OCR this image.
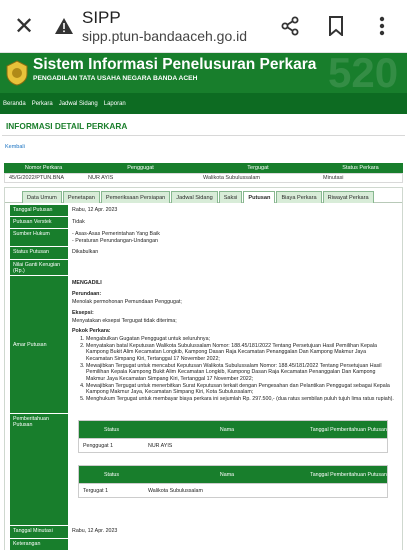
✕	SIPP
sipp.ptun-bandaaceh.go.id
Sistem Informasi Penelusuran Perkara
PENGADILAN TATA USAHA NEGARA BANDA ACEH	520
Beranda Perkara Jadwal Sidang Laporan
INFORMASI DETAIL PERKARA
Kembali
Nomor Perkara	Penggugat	Tergugat	Status Perkara
45/G/2022/PTUN.BNA	NUR AYIS	Walikota Subulussalam	Minutasi
Data Umum	Penetapan	Pemeriksaan Persiapan	Jadwal Sidang	Saksi	Putusan	Biaya Perkara	Riwayat Perkara
Tanggal Putusan	Rabu, 12 Apr. 2023
Putusan Verstek	Tidak
Sumber Hukum	- Asas-Asas Pemerintahan Yang Baik
- Peraturan Perundangan-Undangan
Status Putusan	Dikabulkan
Nilai Ganti Kerugian (Rp.)
Amar Putusan

MENGADILI

Perundaan:

Menolak permohonan Pemundaan Penggugat;

Eksepsi:

Menyatakan eksepsi Tergugat tidak diterima;

Pokok Perkara:

1. Mengabulkan Gugatan Penggugat untuk seluruhnya;
2. Menyatakan batal Keputusan Walikota Subulussalam Nomor: 188.45/181/2022 Tentang Persetujuan Hasil Pemilihan Kepala Kampong Bukit Alim Kecamatan Longkib, Kampong Dasan Raja Kecamatan Penanggalan Dan Kampong Makmur Jaya Kecamatan Simpang Kiri, Tertanggal 17 November 2022;
3. Mewajibkan Tergugat untuk mencabut Keputusan Walikota Subulussalam Nomor: 188.45/181/2022 Tentang Persetujuan Hasil Pemilihan Kepala Kampong Bukit Alim Kecamatan Longkib, Kampong Dasan Raja Kecamatan Penanggalan Dan Kampong Makmur Jaya Kecamatan Simpang Kiri, Tertanggal 17 November 2022;
4. Mewajibkan Tergugat untuk menerbitkan Surat Keputusan terkait dengan Pengesahan dan Pelantikan Penggugat sebagai Kepala Kampong Makmur Jaya, Kecamatan Simpang Kiri, Kota Subulussalam;
5. Menghukum Tergugat untuk membayar biaya perkara ini sejumlah Rp. 297.500,- (dua ratus sembilan puluh tujuh lima ratus rupiah).
Pemberitahuan Putusan
Status	Nama	Tanggal Pemberitahuan Putusan
Penggugat 1	NUR AYIS
Status	Nama	Tanggal Pemberitahuan Putusan
Tergugat 1	Walikota Subulussalam
Tanggal Minutasi	Rabu, 12 Apr. 2023
Keterangan
